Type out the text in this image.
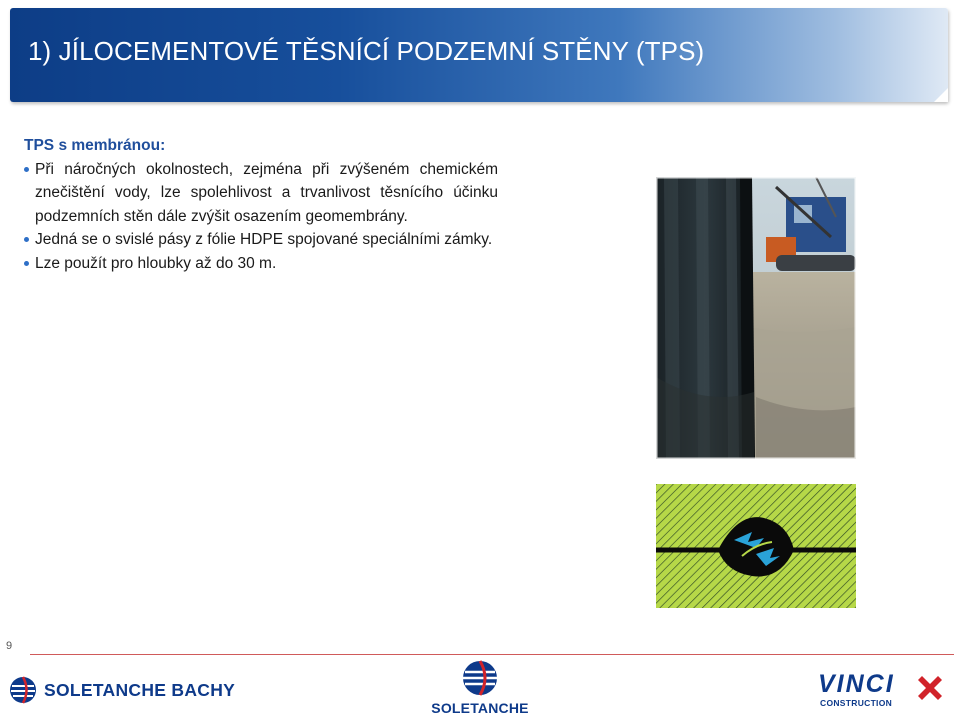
1) JÍLOCEMENTOVÉ TĚSNÍCÍ PODZEMNÍ STĚNY (TPS)
TPS s membránou:
Při náročných okolnostech, zejména při zvýšeném chemickém znečištění vody, lze spolehlivost a trvanlivost těsnícího účinku podzemních stěn dále zvýšit osazením geomembrány.
Jedná se o svislé pásy z fólie HDPE spojované speciálními zámky.
Lze použít pro hloubky až do 30 m.
9
SOLETANCHE BACHY
SOLETANCHE
VINCI
CONSTRUCTION
